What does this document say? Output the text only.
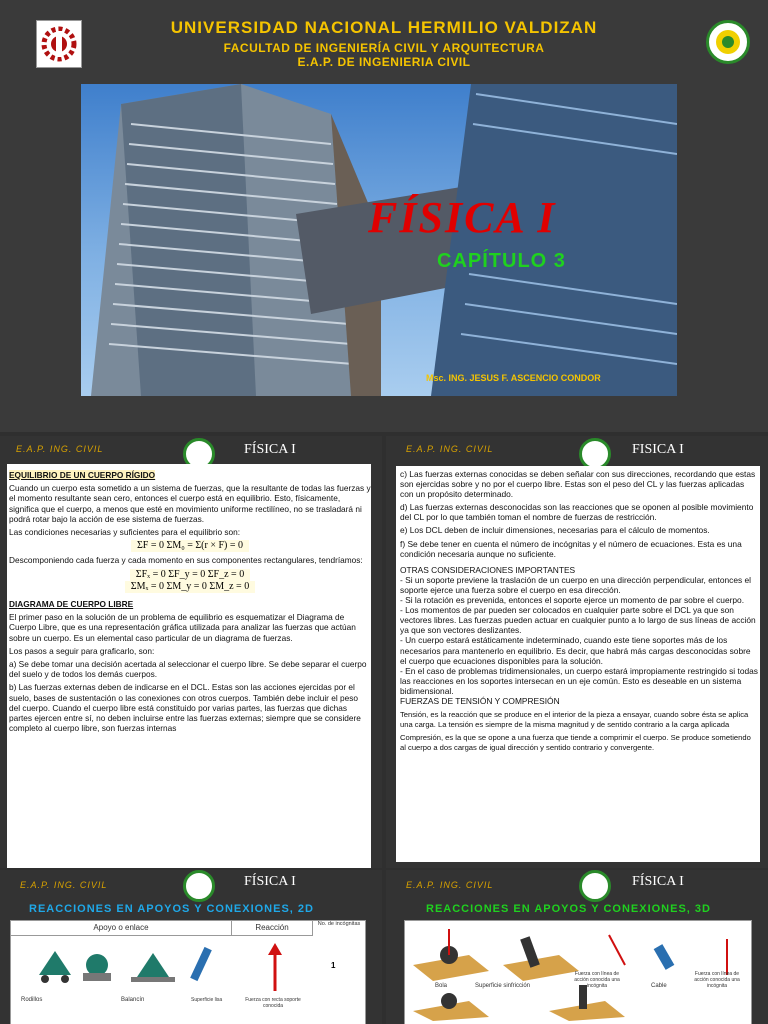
UNIVERSIDAD NACIONAL HERMILIO VALDIZAN
FACULTAD DE INGENIERÍA CIVIL Y ARQUITECTURA
E.A.P. DE INGENIERIA CIVIL
FÍSICA I
CAPÍTULO 3
Msc. ING. JESUS F. ASCENCIO CONDOR
E.A.P. ING. CIVIL	FÍSICA I

EQUILIBRIO DE UN CUERPO RÍGIDO

Cuando un cuerpo esta sometido a un sistema de fuerzas, que la resultante de todas las fuerzas y el momento resultante sean cero, entonces el cuerpo está en equilibrio. Esto, físicamente, significa que el cuerpo, a menos que esté en movimiento uniforme rectilíneo, no se trasladará ni podrá rotar bajo la acción de ese sistema de fuerzas.

Las condiciones necesarias y suficientes para el equilibrio son:

ΣF = 0 ΣM₀ = Σ(r × F) = 0

Descomponiendo cada fuerza y cada momento en sus componentes rectangulares, tendríamos:

ΣFₓ = 0 ΣF_y = 0 ΣF_z = 0

ΣMₓ = 0 ΣM_y = 0 ΣM_z = 0

DIAGRAMA DE CUERPO LIBRE

El primer paso en la solución de un problema de equilibrio es esquematizar el Diagrama de Cuerpo Libre, que es una representación gráfica utilizada para analizar las fuerzas que actúan sobre un cuerpo. Es un elemental caso particular de un diagrama de fuerzas.

Los pasos a seguir para graficarlo, son:

a) Se debe tomar una decisión acertada al seleccionar el cuerpo libre. Se debe separar el cuerpo del suelo y de todos los demás cuerpos.

b) Las fuerzas externas deben de indicarse en el DCL. Estas son las acciones ejercidas por el suelo, bases de sustentación o las conexiones con otros cuerpos. También debe incluir el peso del cuerpo. Cuando el cuerpo libre está constituido por varias partes, las fuerzas que dichas partes ejercen entre sí, no deben incluirse entre las fuerzas externas; siempre que se considere completo al cuerpo libre, son fuerzas internas

E.A.P. ING. CIVIL	FISICA I

c) Las fuerzas externas conocidas se deben señalar con sus direcciones, recordando que estas son ejercidas sobre y no por el cuerpo libre. Estas son el peso del CL y las fuerzas aplicadas con un propósito determinado.

d) Las fuerzas externas desconocidas son las reacciones que se oponen al posible movimiento del CL por lo que también toman el nombre de fuerzas de restricción.

e) Los DCL deben de incluir dimensiones, necesarias para el cálculo de momentos.

f) Se debe tener en cuenta el número de incógnitas y el número de ecuaciones. Esta es una condición necesaria aunque no suficiente.

OTRAS CONSIDERACIONES IMPORTANTES

- Si un soporte previene la traslación de un cuerpo en una dirección perpendicular, entonces el soporte ejerce una fuerza sobre el cuerpo en esa dirección.

- Si la rotación es prevenida, entonces el soporte ejerce un momento de par sobre el cuerpo.

- Los momentos de par pueden ser colocados en cualquier parte sobre el DCL ya que son vectores libres. Las fuerzas pueden actuar en cualquier punto a lo largo de sus líneas de acción ya que son vectores deslizantes.

- Un cuerpo estará estáticamente indeterminado, cuando este tiene soportes más de los necesarios para mantenerlo en equilibrio. Es decir, que habrá más cargas desconocidas sobre el cuerpo que ecuaciones disponibles para la solución.

- En el caso de problemas tridimensionales, un cuerpo estará impropiamente restringido si todas las reacciones en los soportes intersecan en un eje común. Esto es deseable en un sistema bidimensional.

FUERZAS DE TENSIÓN Y COMPRESIÓN

Tensión, es la reacción que se produce en el interior de la pieza a ensayar, cuando sobre ésta se aplica una carga. La tensión es siempre de la misma magnitud y de sentido contrario a la carga aplicada

Compresión, es la que se opone a una fuerza que tiende a comprimir el cuerpo. Se produce sometiendo al cuerpo a dos cargas de igual dirección y sentido contrario y convergente.

E.A.P. ING. CIVIL	FÍSICA I
REACCIONES EN APOYOS Y CONEXIONES, 2D
Apoyo o enlace	Reacción	No. de incógnitas
Rodillos	Balancín	Superficie lisa	Fuerza con recta soporte conocida
1
E.A.P. ING. CIVIL	FÍSICA I
REACCIONES EN APOYOS Y CONEXIONES, 3D
Bola	Superficie sinfricción
Fuerza con línea de acción conocida una incógnita	Cable
Fuerza con línea de acción conocida una incógnita
